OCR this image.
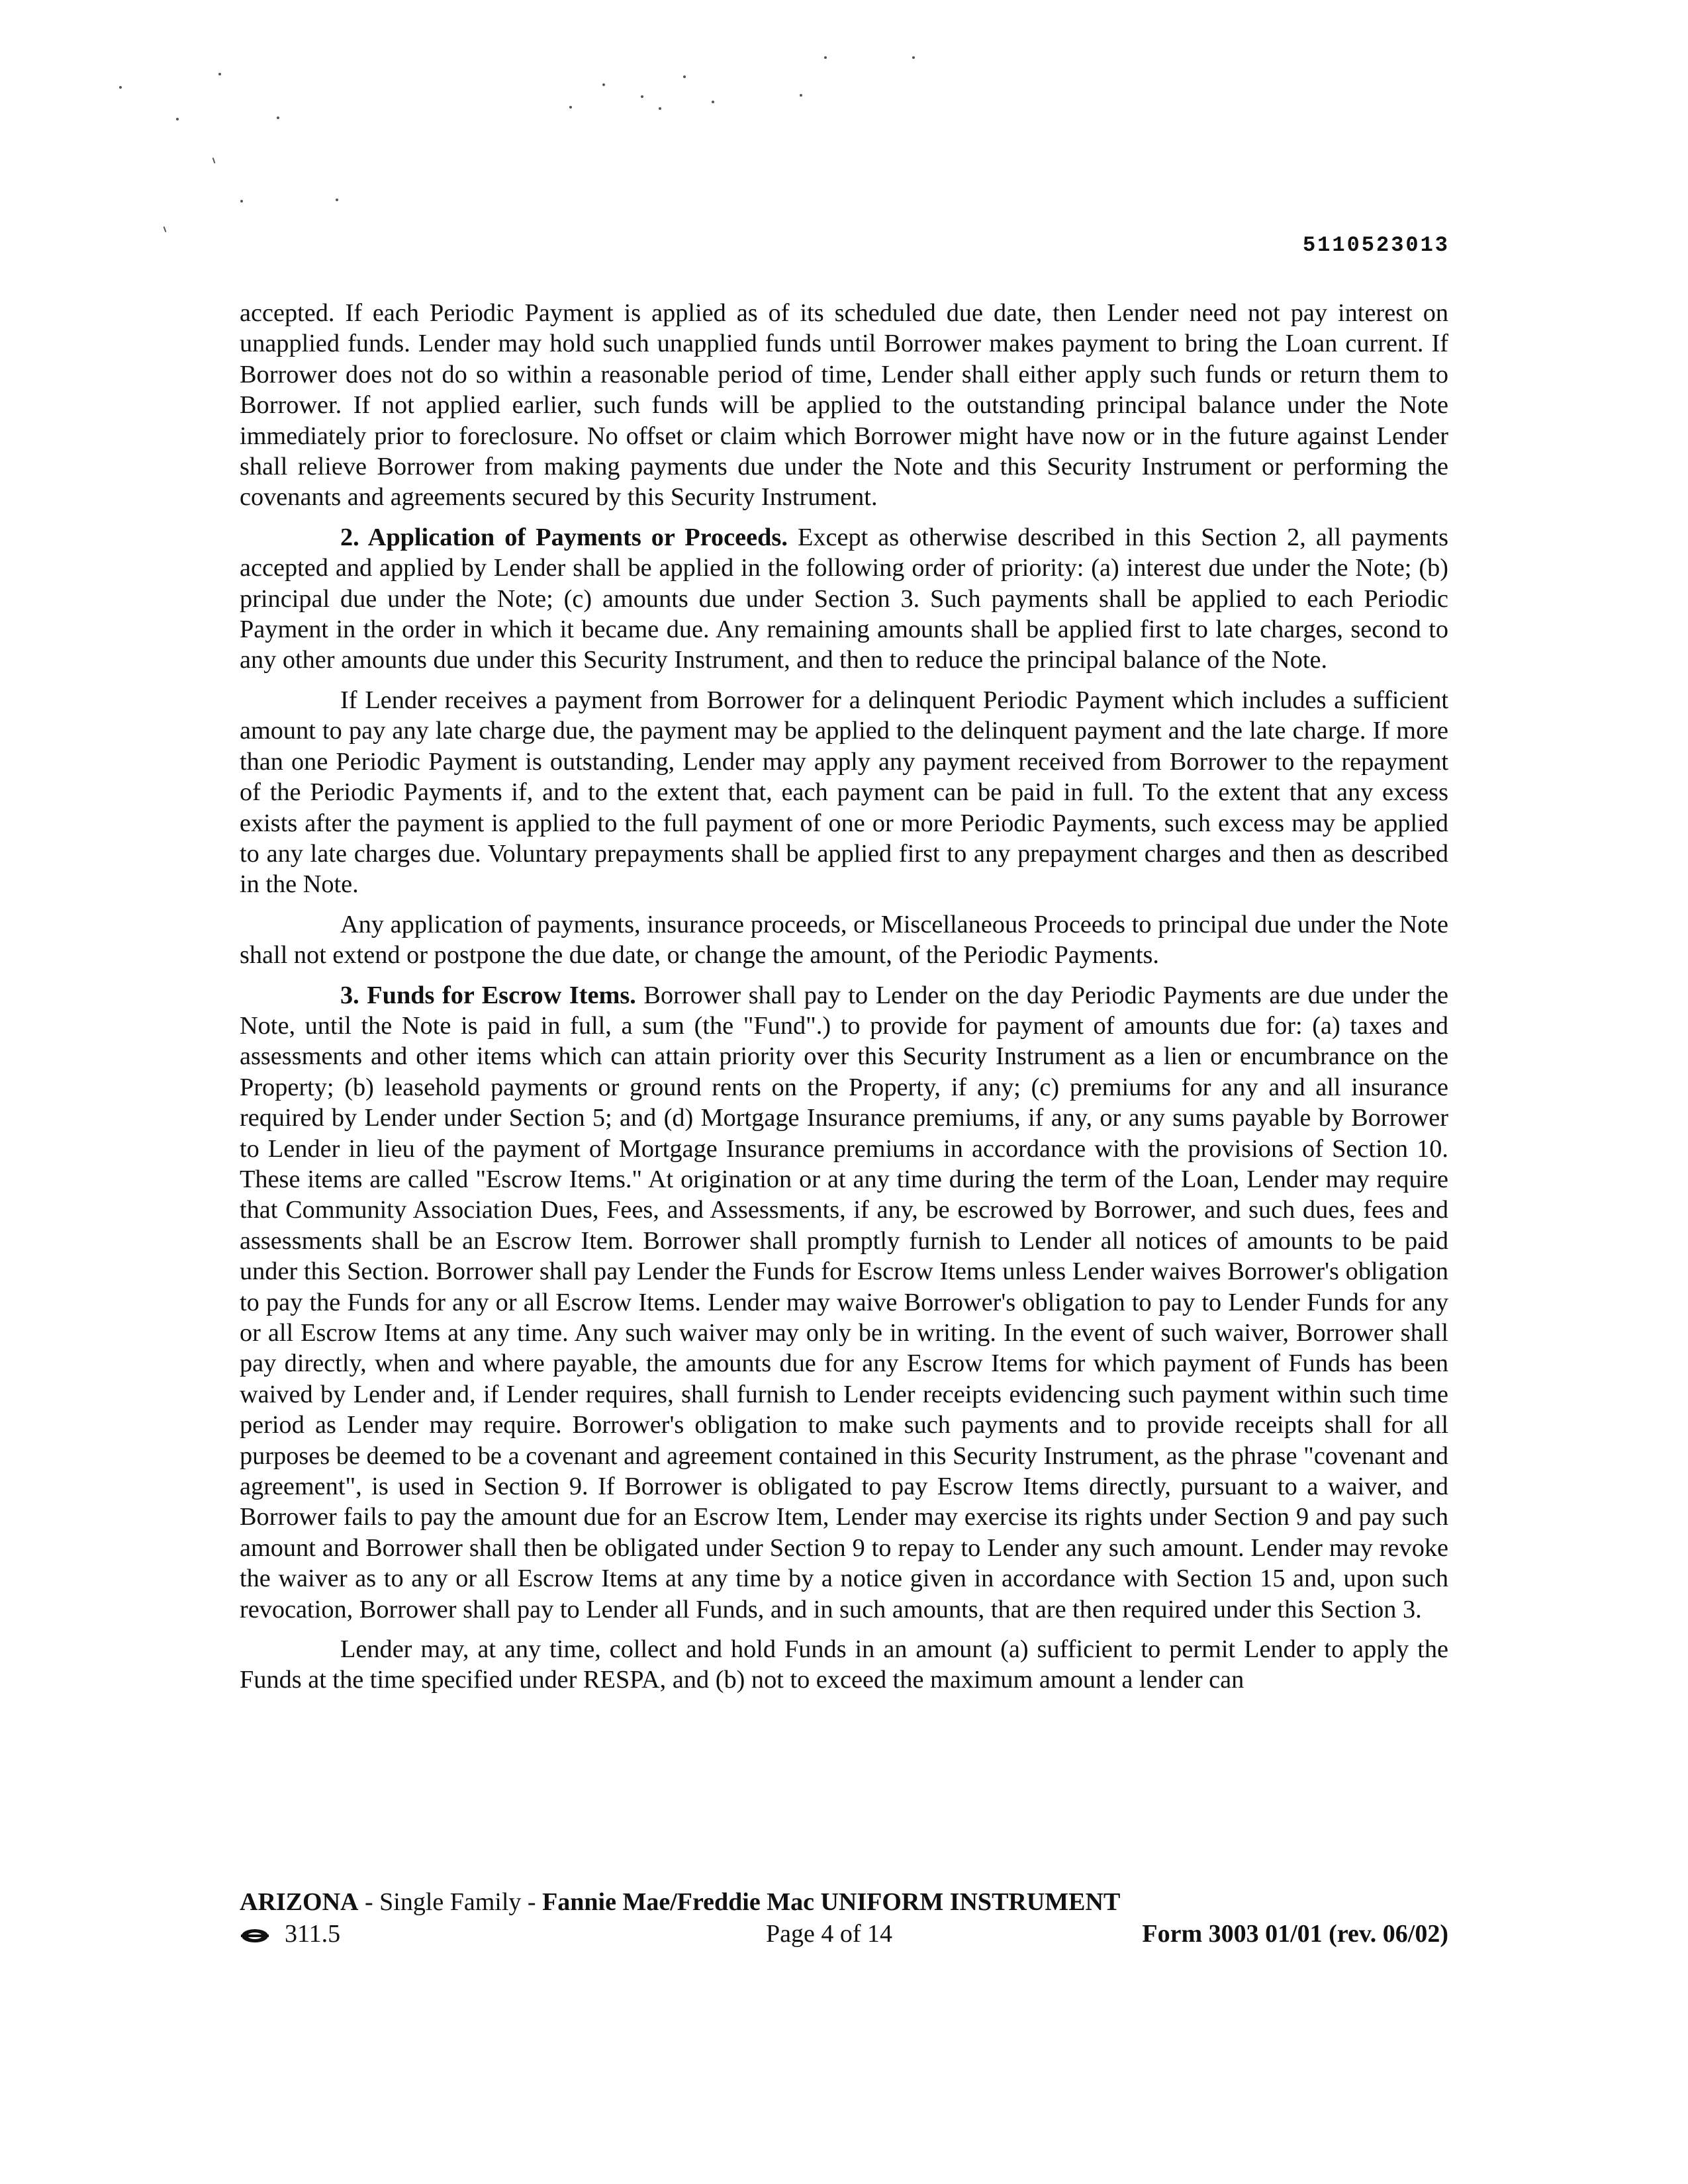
5110523013

accepted. If each Periodic Payment is applied as of its scheduled due date, then Lender need not pay interest on unapplied funds. Lender may hold such unapplied funds until Borrower makes payment to bring the Loan current. If Borrower does not do so within a reasonable period of time, Lender shall either apply such funds or return them to Borrower. If not applied earlier, such funds will be applied to the outstanding principal balance under the Note immediately prior to foreclosure. No offset or claim which Borrower might have now or in the future against Lender shall relieve Borrower from making payments due under the Note and this Security Instrument or performing the covenants and agreements secured by this Security Instrument.

2. Application of Payments or Proceeds. Except as otherwise described in this Section 2, all payments accepted and applied by Lender shall be applied in the following order of priority: (a) interest due under the Note; (b) principal due under the Note; (c) amounts due under Section 3. Such payments shall be applied to each Periodic Payment in the order in which it became due. Any remaining amounts shall be applied first to late charges, second to any other amounts due under this Security Instrument, and then to reduce the principal balance of the Note.

If Lender receives a payment from Borrower for a delinquent Periodic Payment which includes a sufficient amount to pay any late charge due, the payment may be applied to the delinquent payment and the late charge. If more than one Periodic Payment is outstanding, Lender may apply any payment received from Borrower to the repayment of the Periodic Payments if, and to the extent that, each payment can be paid in full. To the extent that any excess exists after the payment is applied to the full payment of one or more Periodic Payments, such excess may be applied to any late charges due. Voluntary prepayments shall be applied first to any prepayment charges and then as described in the Note.

Any application of payments, insurance proceeds, or Miscellaneous Proceeds to principal due under the Note shall not extend or postpone the due date, or change the amount, of the Periodic Payments.

3. Funds for Escrow Items. Borrower shall pay to Lender on the day Periodic Payments are due under the Note, until the Note is paid in full, a sum (the "Fund".) to provide for payment of amounts due for: (a) taxes and assessments and other items which can attain priority over this Security Instrument as a lien or encumbrance on the Property; (b) leasehold payments or ground rents on the Property, if any; (c) premiums for any and all insurance required by Lender under Section 5; and (d) Mortgage Insurance premiums, if any, or any sums payable by Borrower to Lender in lieu of the payment of Mortgage Insurance premiums in accordance with the provisions of Section 10. These items are called "Escrow Items." At origination or at any time during the term of the Loan, Lender may require that Community Association Dues, Fees, and Assessments, if any, be escrowed by Borrower, and such dues, fees and assessments shall be an Escrow Item. Borrower shall promptly furnish to Lender all notices of amounts to be paid under this Section. Borrower shall pay Lender the Funds for Escrow Items unless Lender waives Borrower's obligation to pay the Funds for any or all Escrow Items. Lender may waive Borrower's obligation to pay to Lender Funds for any or all Escrow Items at any time. Any such waiver may only be in writing. In the event of such waiver, Borrower shall pay directly, when and where payable, the amounts due for any Escrow Items for which payment of Funds has been waived by Lender and, if Lender requires, shall furnish to Lender receipts evidencing such payment within such time period as Lender may require. Borrower's obligation to make such payments and to provide receipts shall for all purposes be deemed to be a covenant and agreement contained in this Security Instrument, as the phrase "covenant and agreement", is used in Section 9. If Borrower is obligated to pay Escrow Items directly, pursuant to a waiver, and Borrower fails to pay the amount due for an Escrow Item, Lender may exercise its rights under Section 9 and pay such amount and Borrower shall then be obligated under Section 9 to repay to Lender any such amount. Lender may revoke the waiver as to any or all Escrow Items at any time by a notice given in accordance with Section 15 and, upon such revocation, Borrower shall pay to Lender all Funds, and in such amounts, that are then required under this Section 3.

Lender may, at any time, collect and hold Funds in an amount (a) sufficient to permit Lender to apply the Funds at the time specified under RESPA, and (b) not to exceed the maximum amount a lender can

ARIZONA - Single Family - Fannie Mae/Freddie Mac UNIFORM INSTRUMENT
311.5	Page 4 of 14	Form 3003 01/01 (rev. 06/02)
